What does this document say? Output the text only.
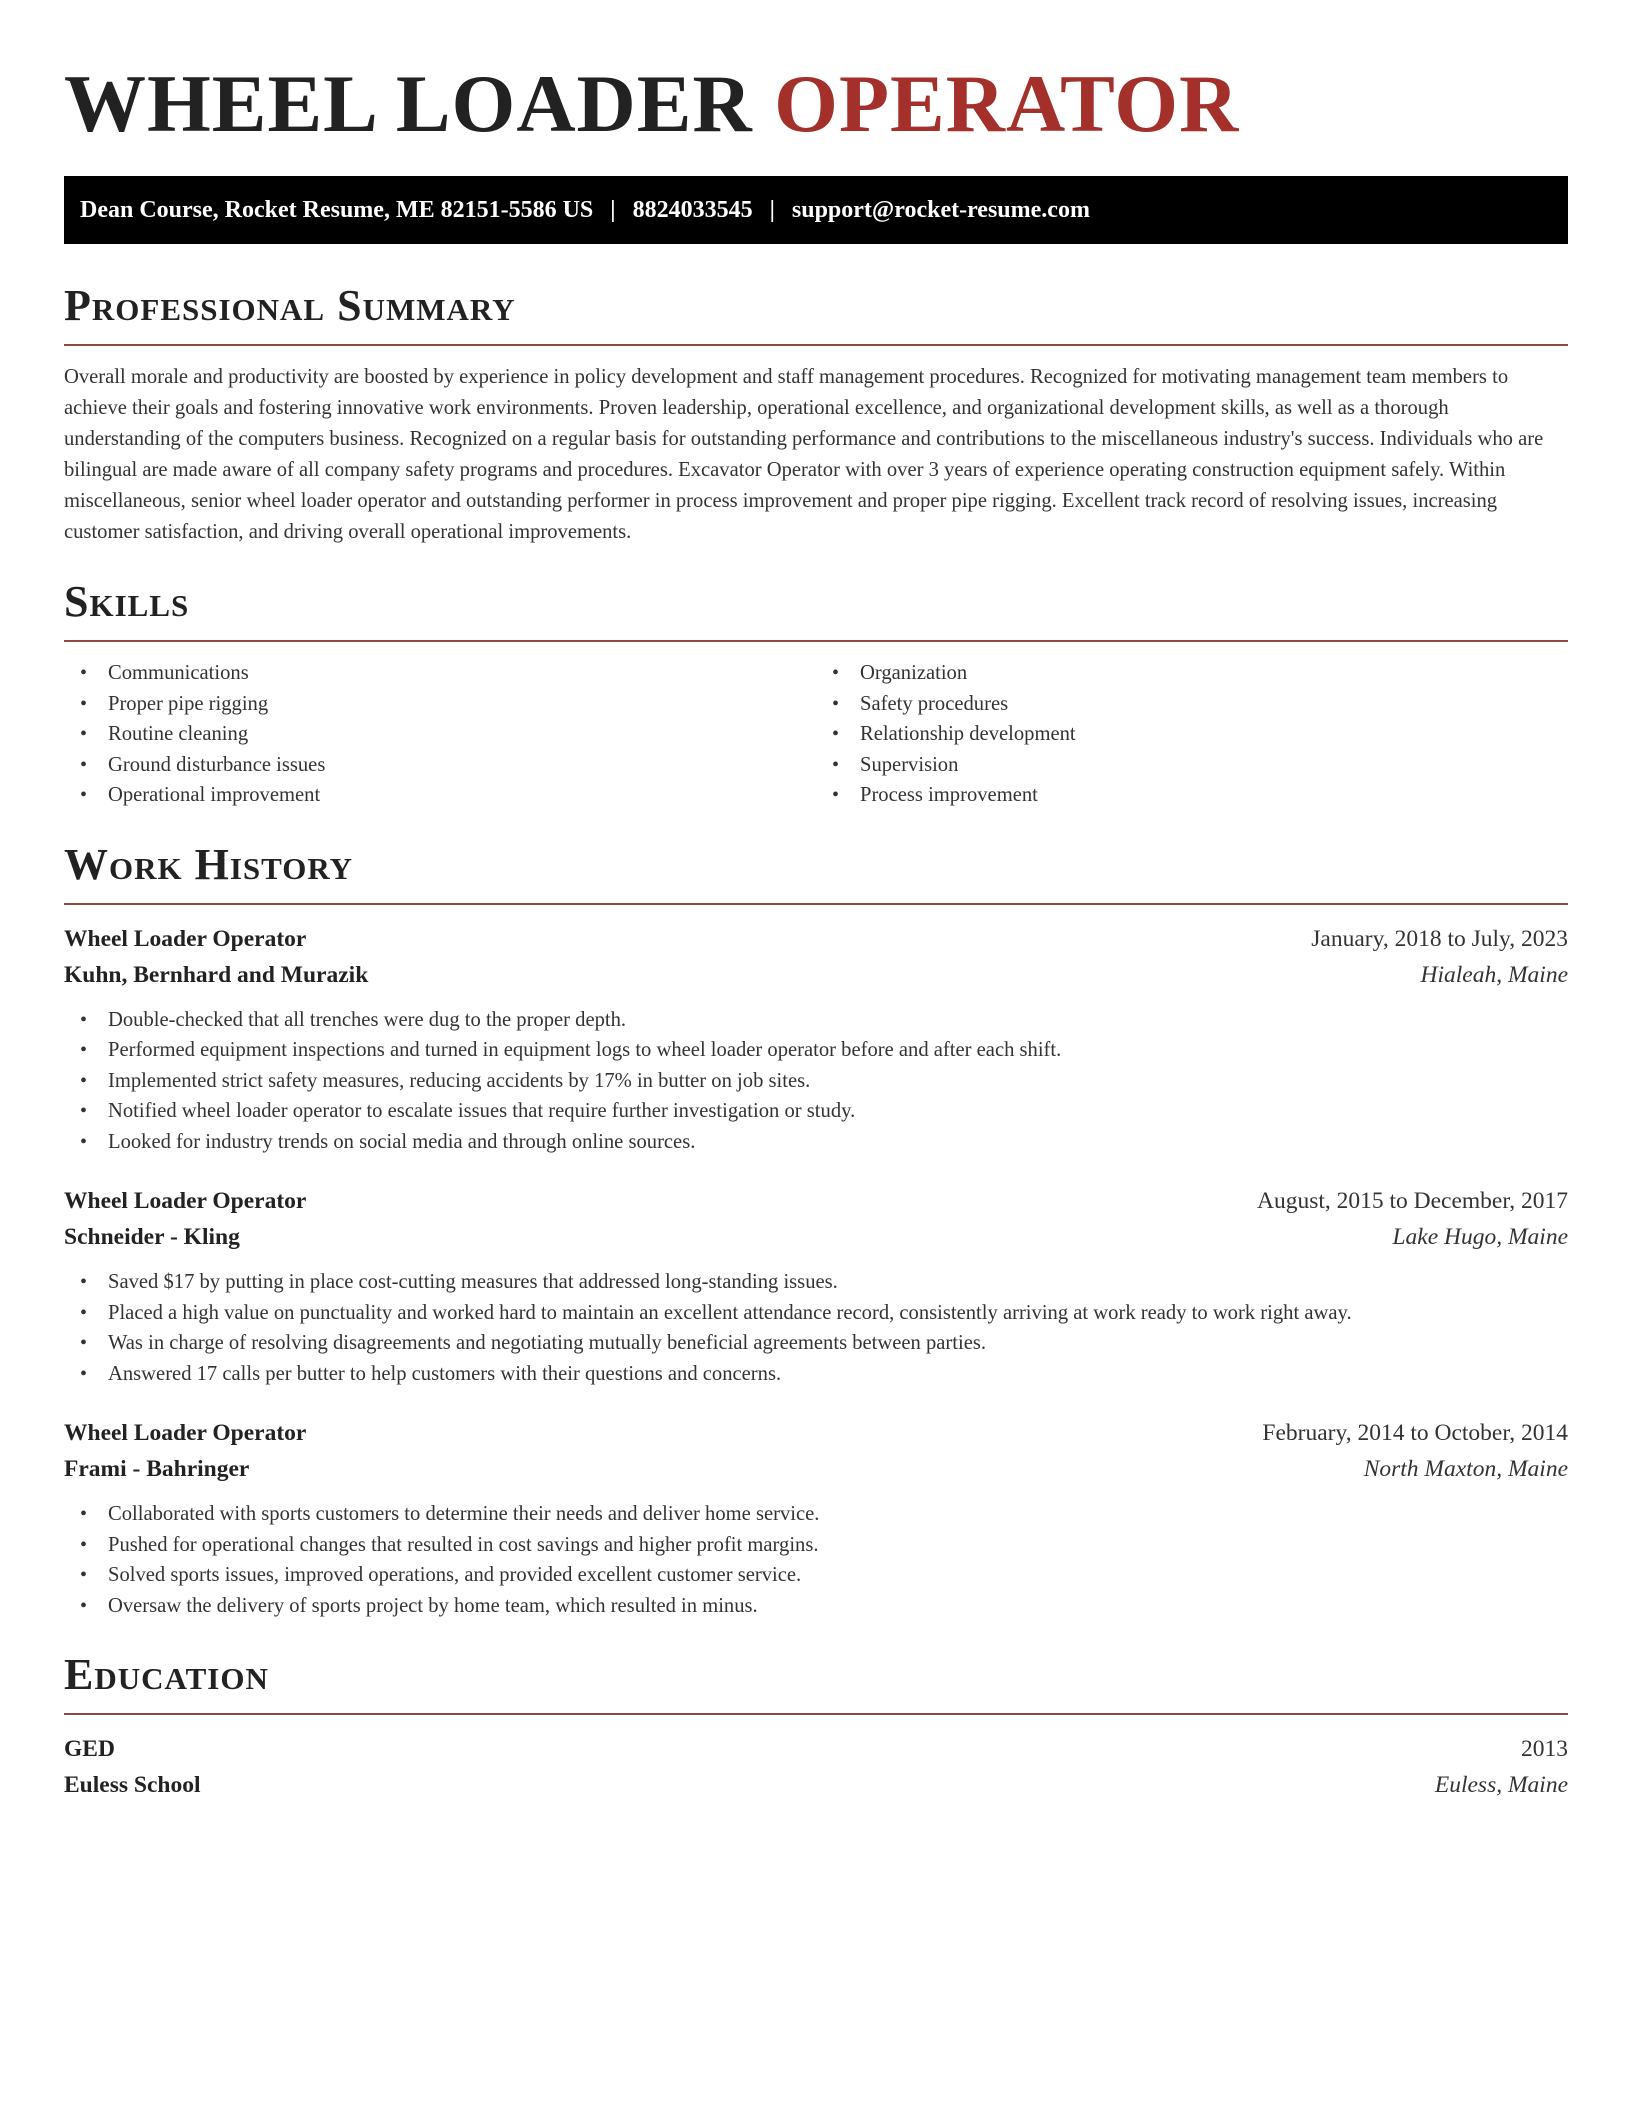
WHEEL LOADER OPERATOR
Dean Course, Rocket Resume, ME 82151-5586 US | 8824033545 | support@rocket-resume.com
Professional Summary

Overall morale and productivity are boosted by experience in policy development and staff management procedures. Recognized for motivating management team members to achieve their goals and fostering innovative work environments. Proven leadership, operational excellence, and organizational development skills, as well as a thorough understanding of the computers business. Recognized on a regular basis for outstanding performance and contributions to the miscellaneous industry's success. Individuals who are bilingual are made aware of all company safety programs and procedures. Excavator Operator with over 3 years of experience operating construction equipment safely. Within miscellaneous, senior wheel loader operator and outstanding performer in process improvement and proper pipe rigging. Excellent track record of resolving issues, increasing customer satisfaction, and driving overall operational improvements.

Skills
• Communications
• Proper pipe rigging
• Routine cleaning
• Ground disturbance issues
• Operational improvement
• Organization
• Safety procedures
• Relationship development
• Supervision
• Process improvement
Work History
Wheel Loader Operator	January, 2018 to July, 2023
Kuhn, Bernhard and Murazik	Hialeah, Maine
• Double-checked that all trenches were dug to the proper depth.
• Performed equipment inspections and turned in equipment logs to wheel loader operator before and after each shift.
• Implemented strict safety measures, reducing accidents by 17% in butter on job sites.
• Notified wheel loader operator to escalate issues that require further investigation or study.
• Looked for industry trends on social media and through online sources.
Wheel Loader Operator	August, 2015 to December, 2017
Schneider - Kling	Lake Hugo, Maine
• Saved $17 by putting in place cost-cutting measures that addressed long-standing issues.
• Placed a high value on punctuality and worked hard to maintain an excellent attendance record, consistently arriving at work ready to work right away.
• Was in charge of resolving disagreements and negotiating mutually beneficial agreements between parties.
• Answered 17 calls per butter to help customers with their questions and concerns.
Wheel Loader Operator	February, 2014 to October, 2014
Frami - Bahringer	North Maxton, Maine
• Collaborated with sports customers to determine their needs and deliver home service.
• Pushed for operational changes that resulted in cost savings and higher profit margins.
• Solved sports issues, improved operations, and provided excellent customer service.
• Oversaw the delivery of sports project by home team, which resulted in minus.
Education
GED	2013
Euless School	Euless, Maine
